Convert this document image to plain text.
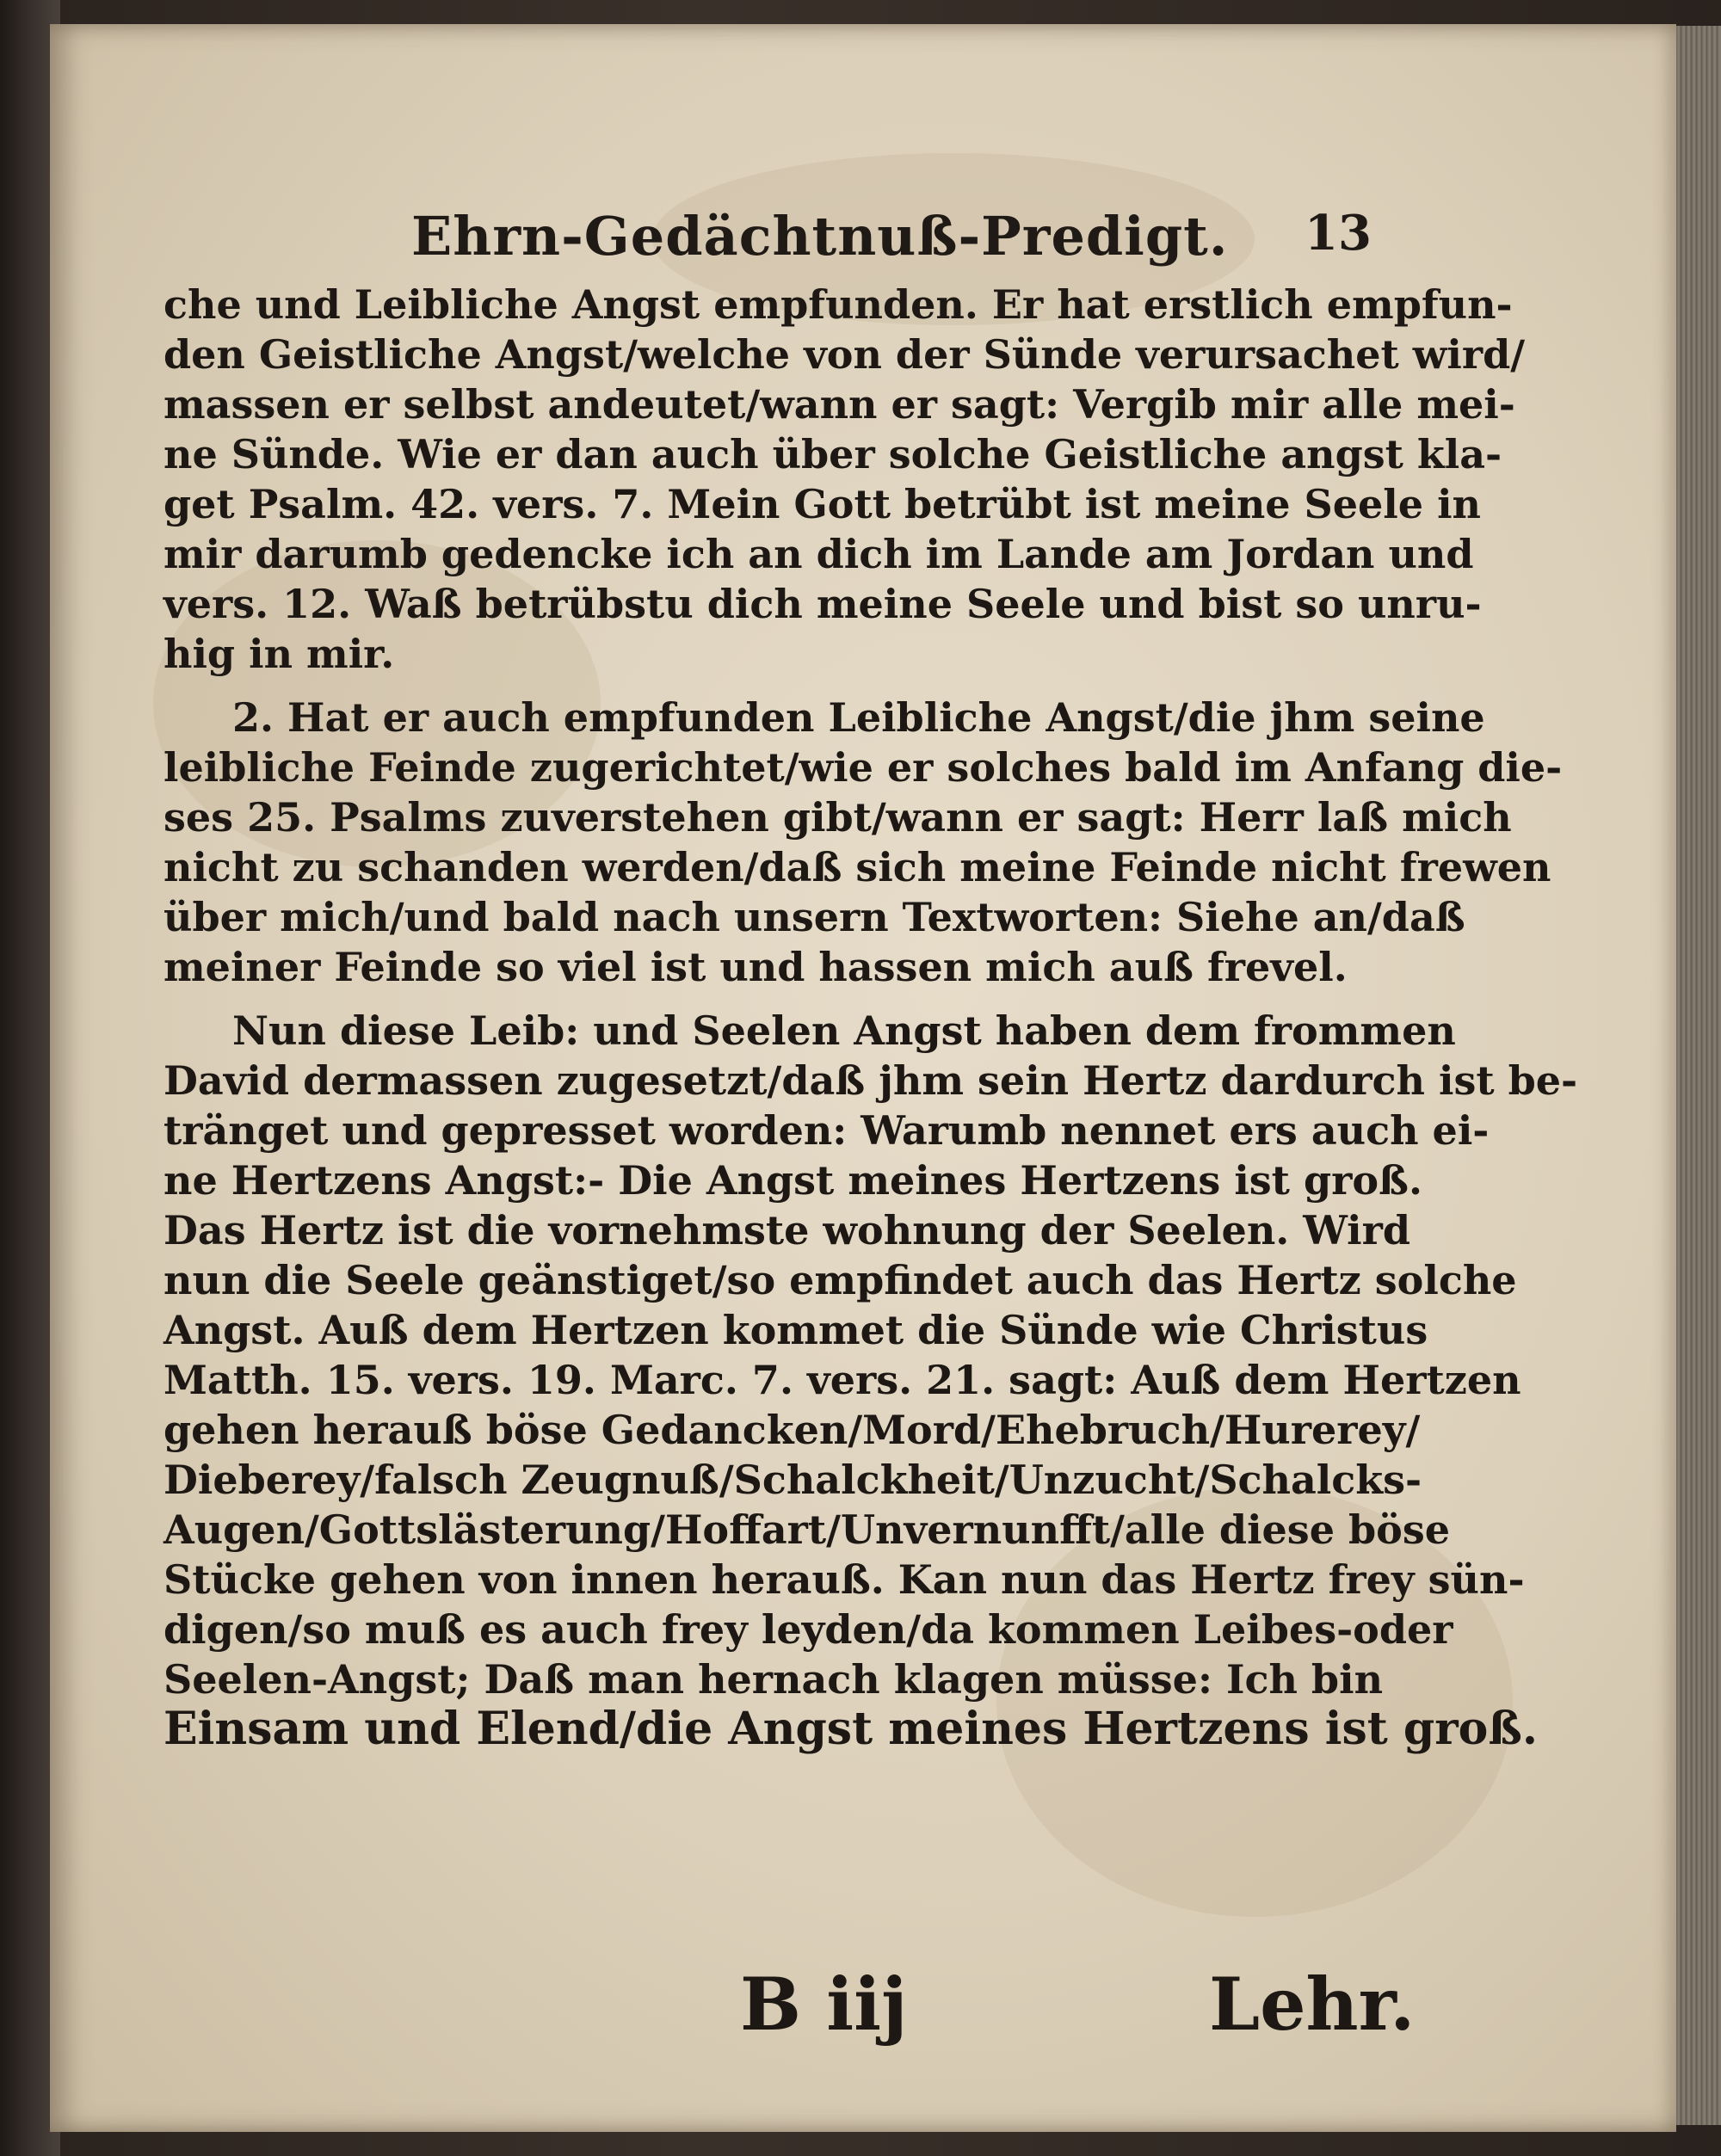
Ehrn-Gedächtnuß-Predigt. 13
che und Leibliche Angst empfunden. Er hat erstlich empfun-
den Geistliche Angst/welche von der Sünde verursachet wird/
massen er selbst andeutet/wann er sagt: Vergib mir alle mei-
ne Sünde. Wie er dan auch über solche Geistliche angst kla-
get Psalm. 42. vers. 7. Mein Gott betrübt ist meine Seele in
mir darumb gedencke ich an dich im Lande am Jordan und
vers. 12. Waß betrübstu dich meine Seele und bist so unru-
hig in mir.
2. Hat er auch empfunden Leibliche Angst/die jhm seine
leibliche Feinde zugerichtet/wie er solches bald im Anfang die-
ses 25. Psalms zuverstehen gibt/wann er sagt: Herr laß mich
nicht zu schanden werden/daß sich meine Feinde nicht frewen
über mich/und bald nach unsern Textworten: Siehe an/daß
meiner Feinde so viel ist und hassen mich auß frevel.
Nun diese Leib: und Seelen Angst haben dem frommen
David dermassen zugesetzt/daß jhm sein Hertz dardurch ist be-
tränget und gepresset worden: Warumb nennet ers auch ei-
ne Hertzens Angst:- Die Angst meines Hertzens ist groß.
Das Hertz ist die vornehmste wohnung der Seelen. Wird
nun die Seele geänstiget/so empfindet auch das Hertz solche
Angst. Auß dem Hertzen kommet die Sünde wie Christus
Matth. 15. vers. 19. Marc. 7. vers. 21. sagt: Auß dem Hertzen
gehen herauß böse Gedancken/Mord/Ehebruch/Hurerey/
Dieberey/falsch Zeugnuß/Schalckheit/Unzucht/Schalcks-
Augen/Gottslästerung/Hoffart/Unvernunfft/alle diese böse
Stücke gehen von innen herauß. Kan nun das Hertz frey sün-
digen/so muß es auch frey leyden/da kommen Leibes-oder
Seelen-Angst; Daß man hernach klagen müsse: Ich bin
Einsam und Elend/die Angst meines Hertzens ist groß.
B iij	Lehr.
